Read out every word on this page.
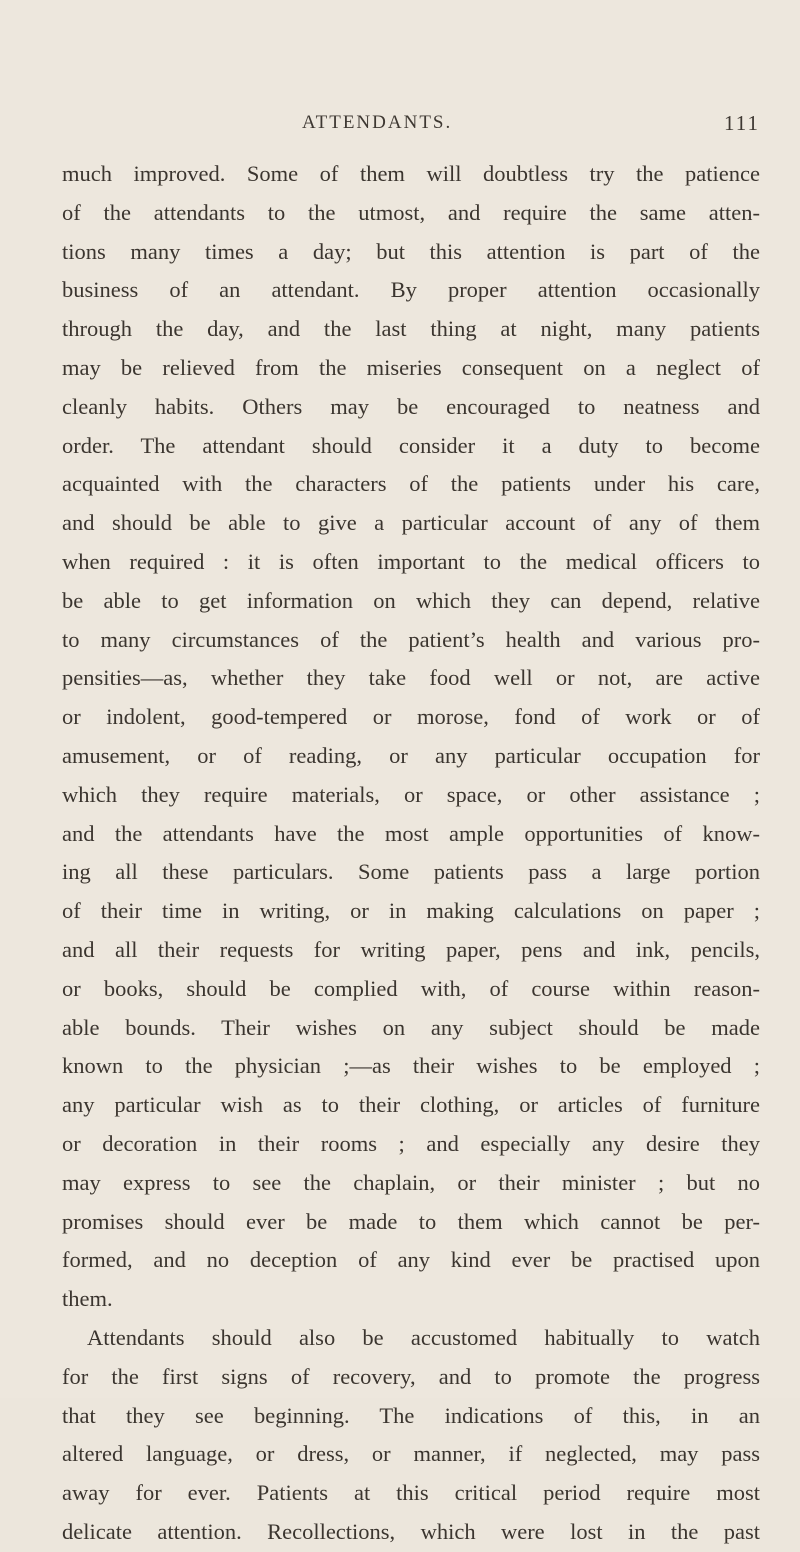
ATTENDANTS.	111
much improved. Some of them will doubtless try the patience
of the attendants to the utmost, and require the same atten-
tions many times a day; but this attention is part of the
business of an attendant. By proper attention occasionally
through the day, and the last thing at night, many patients
may be relieved from the miseries consequent on a neglect of
cleanly habits. Others may be encouraged to neatness and
order. The attendant should consider it a duty to become
acquainted with the characters of the patients under his care,
and should be able to give a particular account of any of them
when required : it is often important to the medical officers to
be able to get information on which they can depend, relative
to many circumstances of the patient’s health and various pro-
pensities—as, whether they take food well or not, are active
or indolent, good-tempered or morose, fond of work or of
amusement, or of reading, or any particular occupation for
which they require materials, or space, or other assistance ;
and the attendants have the most ample opportunities of know-
ing all these particulars. Some patients pass a large portion
of their time in writing, or in making calculations on paper ;
and all their requests for writing paper, pens and ink, pencils,
or books, should be complied with, of course within reason-
able bounds. Their wishes on any subject should be made
known to the physician ;—as their wishes to be employed ;
any particular wish as to their clothing, or articles of furniture
or decoration in their rooms ; and especially any desire they
may express to see the chaplain, or their minister ; but no
promises should ever be made to them which cannot be per-
formed, and no deception of any kind ever be practised upon
them.
Attendants should also be accustomed habitually to watch
for the first signs of recovery, and to promote the progress
that they see beginning. The indications of this, in an
altered language, or dress, or manner, if neglected, may pass
away for ever. Patients at this critical period require most
delicate attention. Recollections, which were lost in the past
